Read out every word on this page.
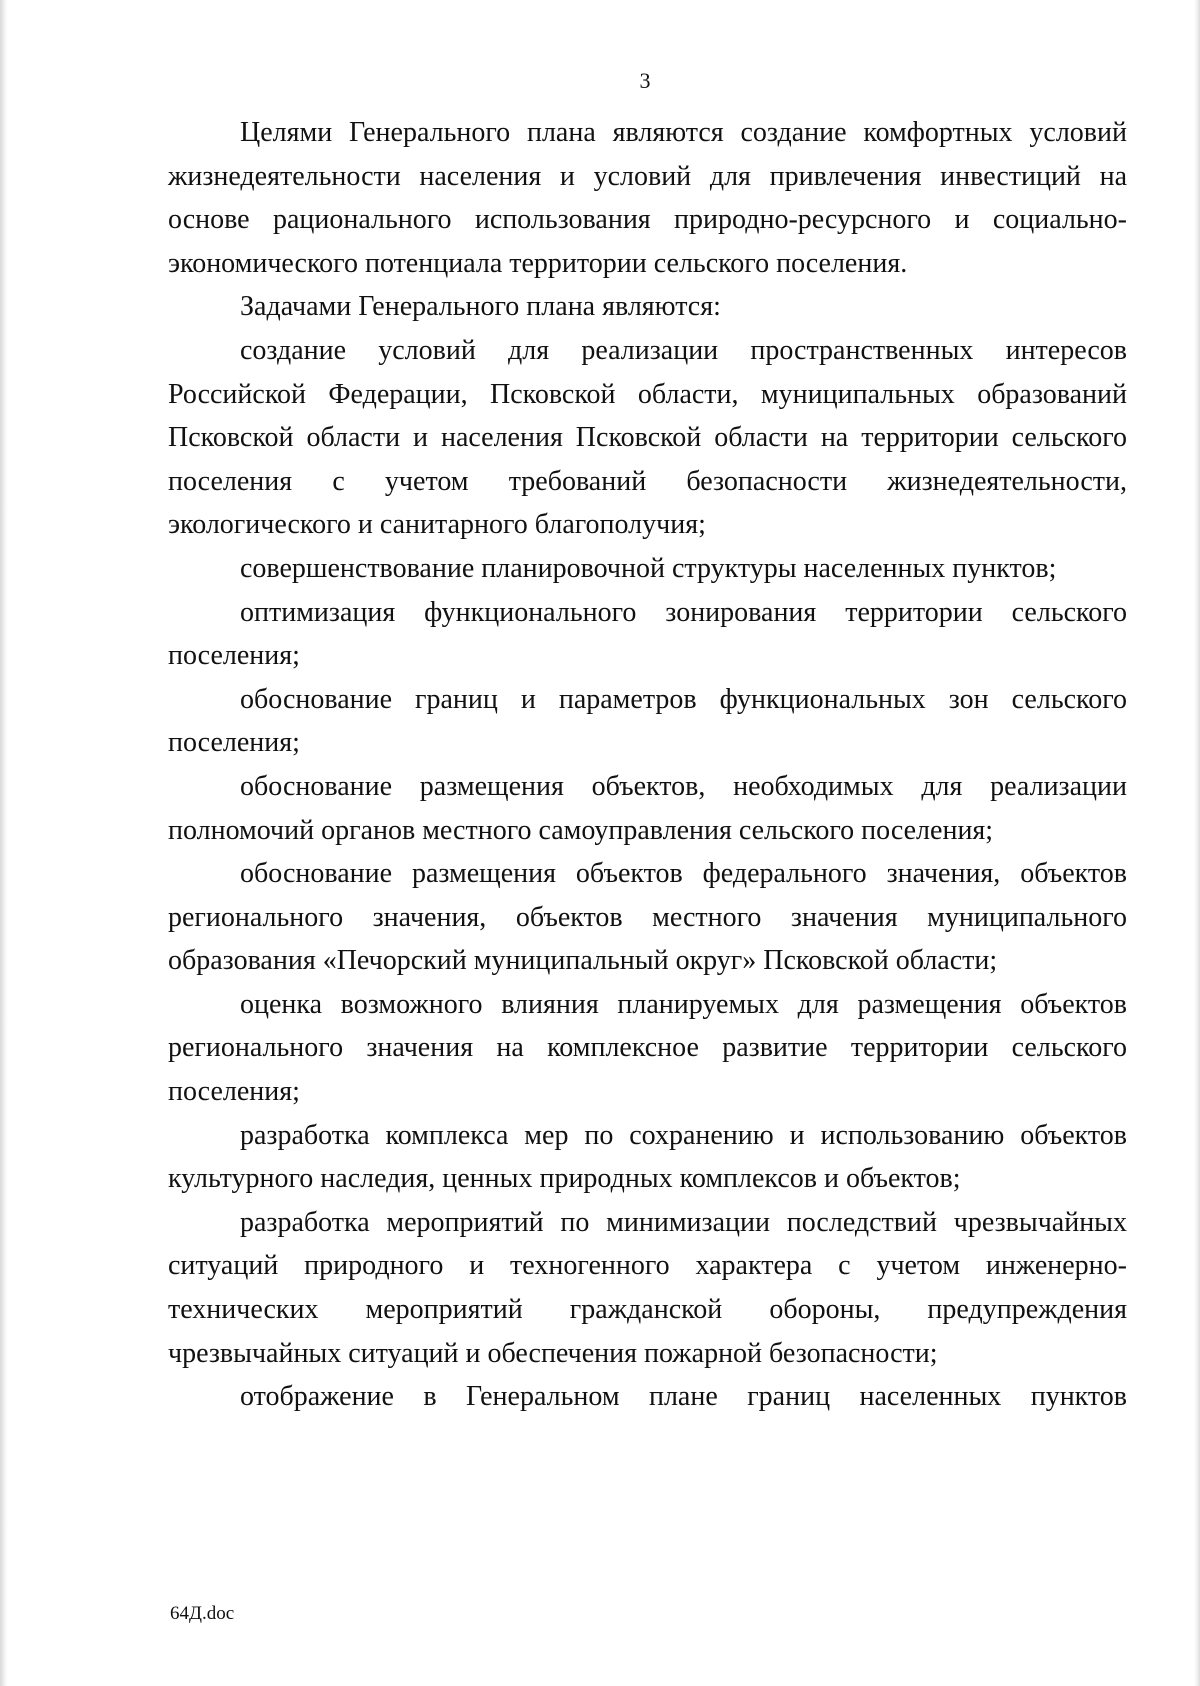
3

Целями Генерального плана являются создание комфортных условий жизнедеятельности населения и условий для привлечения инвестиций на основе рационального использования природно-ресурсного и социально-экономического потенциала территории сельского поселения.

Задачами Генерального плана являются:

создание условий для реализации пространственных интересов Российской Федерации, Псковской области, муниципальных образований Псковской области и населения Псковской области на территории сельского поселения с учетом требований безопасности жизнедеятельности, экологического и санитарного благополучия;

совершенствование планировочной структуры населенных пунктов;

оптимизация функционального зонирования территории сельского поселения;

обоснование границ и параметров функциональных зон сельского поселения;

обоснование размещения объектов, необходимых для реализации полномочий органов местного самоуправления сельского поселения;

обоснование размещения объектов федерального значения, объектов регионального значения, объектов местного значения муниципального образования «Печорский муниципальный округ» Псковской области;

оценка возможного влияния планируемых для размещения объектов регионального значения на комплексное развитие территории сельского поселения;

разработка комплекса мер по сохранению и использованию объектов культурного наследия, ценных природных комплексов и объектов;

разработка мероприятий по минимизации последствий чрезвычайных ситуаций природного и техногенного характера с учетом инженерно-технических мероприятий гражданской обороны, предупреждения чрезвычайных ситуаций и обеспечения пожарной безопасности;

отображение в Генеральном плане границ населенных пунктов

64Д.doc
